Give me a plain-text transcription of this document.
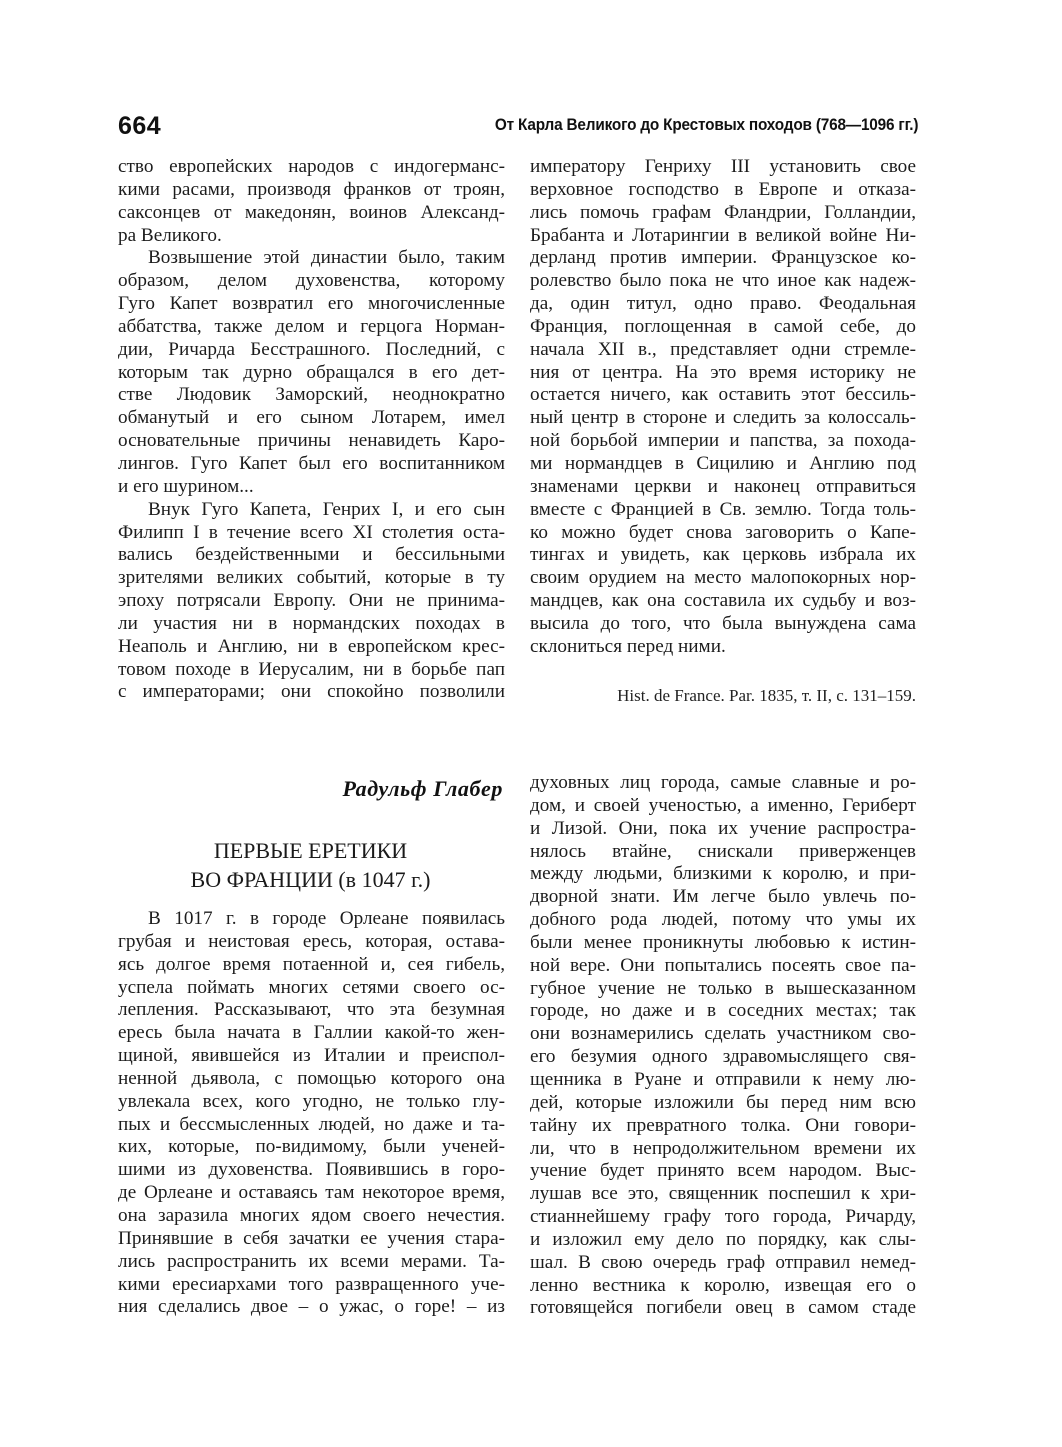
664	От Карла Великого до Крестовых походов (768—1096 гг.)
ство европейских народов с индогерманс-
кими расами, производя франков от троян,
саксонцев от македонян, воинов Александ-
ра Великого.
Возвышение этой династии было, таким
образом, делом духовенства, которому
Гуго Капет возвратил его многочисленные
аббатства, также делом и герцога Норман-
дии, Ричарда Бесстрашного. Последний, с
которым так дурно обращался в его дет-
стве Людовик Заморский, неоднократно
обманутый и его сыном Лотарем, имел
основательные причины ненавидеть Каро-
лингов. Гуго Капет был его воспитанником
и его шурином...
Внук Гуго Капета, Генрих I, и его сын
Филипп I в течение всего XI столетия оста-
вались бездейственными и бессильными
зрителями великих событий, которые в ту
эпоху потрясали Европу. Они не принима-
ли участия ни в нормандских походах в
Неаполь и Англию, ни в европейском крес-
товом походе в Иерусалим, ни в борьбе пап
с императорами; они спокойно позволили
императору Генриху III установить свое
верховное господство в Европе и отказа-
лись помочь графам Фландрии, Голландии,
Брабанта и Лотарингии в великой войне Ни-
дерланд против империи. Французское ко-
ролевство было пока не что иное как надеж-
да, один титул, одно право. Феодальная
Франция, поглощенная в самой себе, до
начала XII в., представляет одни стремле-
ния от центра. На это время историку не
остается ничего, как оставить этот бессиль-
ный центр в стороне и следить за колоссаль-
ной борьбой империи и папства, за похода-
ми нормандцев в Сицилию и Англию под
знаменами церкви и наконец отправиться
вместе с Францией в Св. землю. Тогда толь-
ко можно будет снова заговорить о Капе-
тингах и увидеть, как церковь избрала их
своим орудием на место малопокорных нор-
мандцев, как она составила их судьбу и воз-
высила до того, что была вынуждена сама
склониться перед ними.
Hist. de France. Par. 1835, т. II, с. 131–159.
Радульф Глабер
ПЕРВЫЕ ЕРЕТИКИ
ВО ФРАНЦИИ (в 1047 г.)
В 1017 г. в городе Орлеане появилась
грубая и неистовая ересь, которая, остава-
ясь долгое время потаенной и, сея гибель,
успела поймать многих сетями своего ос-
лепления. Рассказывают, что эта безумная
ересь была начата в Галлии какой-то жен-
щиной, явившейся из Италии и преиспол-
ненной дьявола, с помощью которого она
увлекала всех, кого угодно, не только глу-
пых и бессмысленных людей, но даже и та-
ких, которые, по-видимому, были ученей-
шими из духовенства. Появившись в горо-
де Орлеане и оставаясь там некоторое время,
она заразила многих ядом своего нечестия.
Принявшие в себя зачатки ее учения стара-
лись распространить их всеми мерами. Та-
кими ересиархами того развращенного уче-
ния сделались двое – о ужас, о горе! – из
духовных лиц города, самые славные и ро-
дом, и своей ученостью, а именно, Гериберт
и Лизой. Они, пока их учение распростра-
нялось втайне, снискали приверженцев
между людьми, близкими к королю, и при-
дворной знати. Им легче было увлечь по-
добного рода людей, потому что умы их
были менее проникнуты любовью к истин-
ной вере. Они попытались посеять свое па-
губное учение не только в вышесказанном
городе, но даже и в соседних местах; так
они вознамерились сделать участником сво-
его безумия одного здравомыслящего свя-
щенника в Руане и отправили к нему лю-
дей, которые изложили бы перед ним всю
тайну их превратного толка. Они говори-
ли, что в непродолжительном времени их
учение будет принято всем народом. Выс-
лушав все это, священник поспешил к хри-
стианнейшему графу того города, Ричарду,
и изложил ему дело по порядку, как слы-
шал. В свою очередь граф отправил немед-
ленно вестника к королю, извещая его о
готовящейся погибели овец в самом стаде
